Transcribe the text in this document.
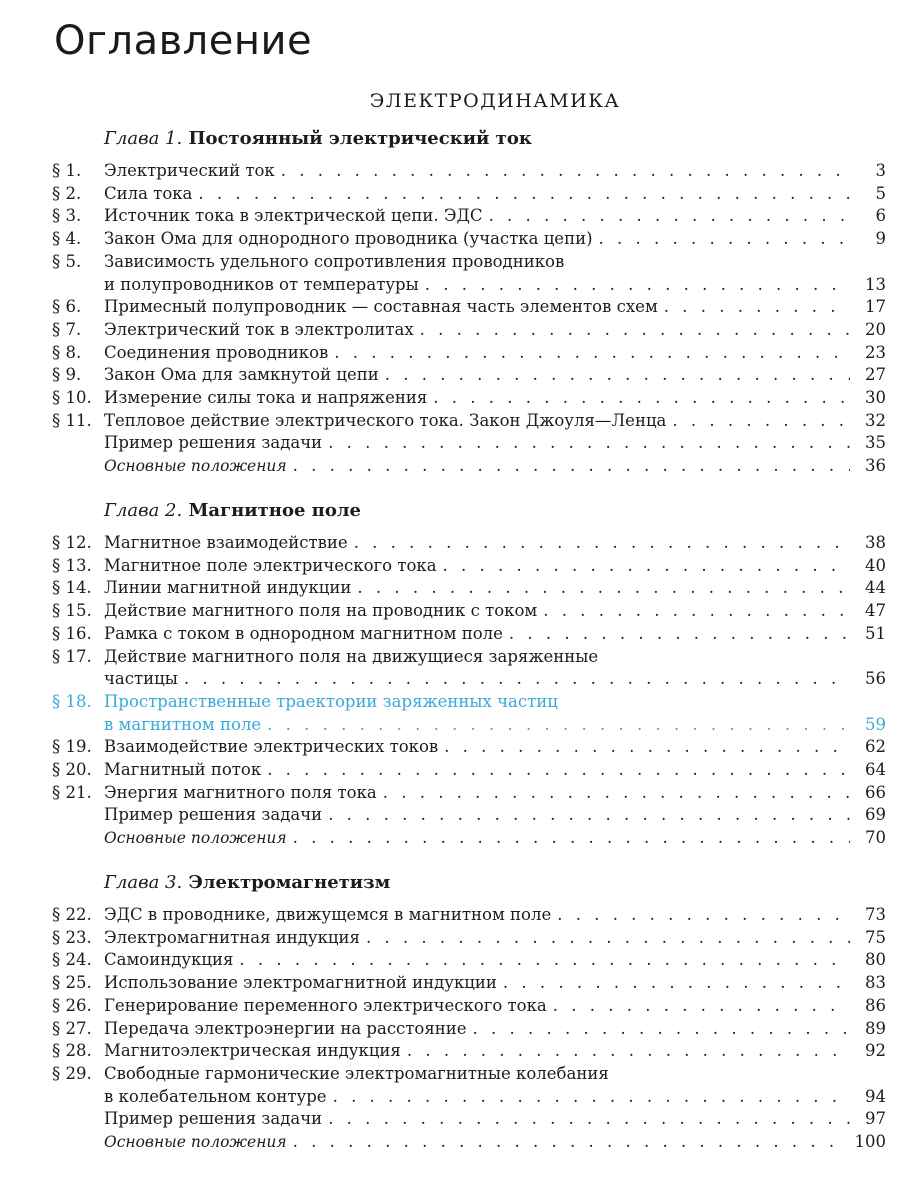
Оглавление
ЭЛЕКТРОДИНАМИКА
Глава 1. Постоянный электрический ток
§ 1.	Электрический ток . . .	3
§ 2.	Сила тока . . .	5
§ 3.	Источник тока в электрической цепи. ЭДС . . .	6
§ 4.	Закон Ома для однородного проводника (участка цепи) . . .	9
§ 5.	Зависимость удельного сопротивления проводников
и полупроводников от температуры . . .	13
§ 6.	Примесный полупроводник — составная часть элементов схем . . .	17
§ 7.	Электрический ток в электролитах . . .	20
§ 8.	Соединения проводников . . .	23
§ 9.	Закон Ома для замкнутой цепи . . .	27
§ 10. Измерение силы тока и напряжения . . .	30
§ 11. Тепловое действие электрического тока. Закон Джоуля—Ленца . . .	32
Пример решения задачи . . .	35
Основные положения . . .	36
Глава 2. Магнитное поле
§ 12. Магнитное взаимодействие . . .	38
§ 13. Магнитное поле электрического тока . . .	40
§ 14. Линии магнитной индукции . . .	44
§ 15. Действие магнитного поля на проводник с током . . .	47
§ 16. Рамка с током в однородном магнитном поле . . .	51
§ 17. Действие магнитного поля на движущиеся заряженные
частицы . . .	56
§ 18. Пространственные траектории заряженных частиц
в магнитном поле . . .	59
§ 19. Взаимодействие электрических токов . . .	62
§ 20. Магнитный поток . . .	64
§ 21. Энергия магнитного поля тока . . .	66
Пример решения задачи . . .	69
Основные положения . . .	70
Глава 3. Электромагнетизм
§ 22. ЭДС в проводнике, движущемся в магнитном поле . . .	73
§ 23. Электромагнитная индукция . . .	75
§ 24. Самоиндукция . . .	80
§ 25. Использование электромагнитной индукции . . .	83
§ 26. Генерирование переменного электрического тока . . .	86
§ 27. Передача электроэнергии на расстояние . . .	89
§ 28. Магнитоэлектрическая индукция . . .	92
§ 29. Свободные гармонические электромагнитные колебания
в колебательном контуре . . .	94
Пример решения задачи . . .	97
Основные положения . . .	100
